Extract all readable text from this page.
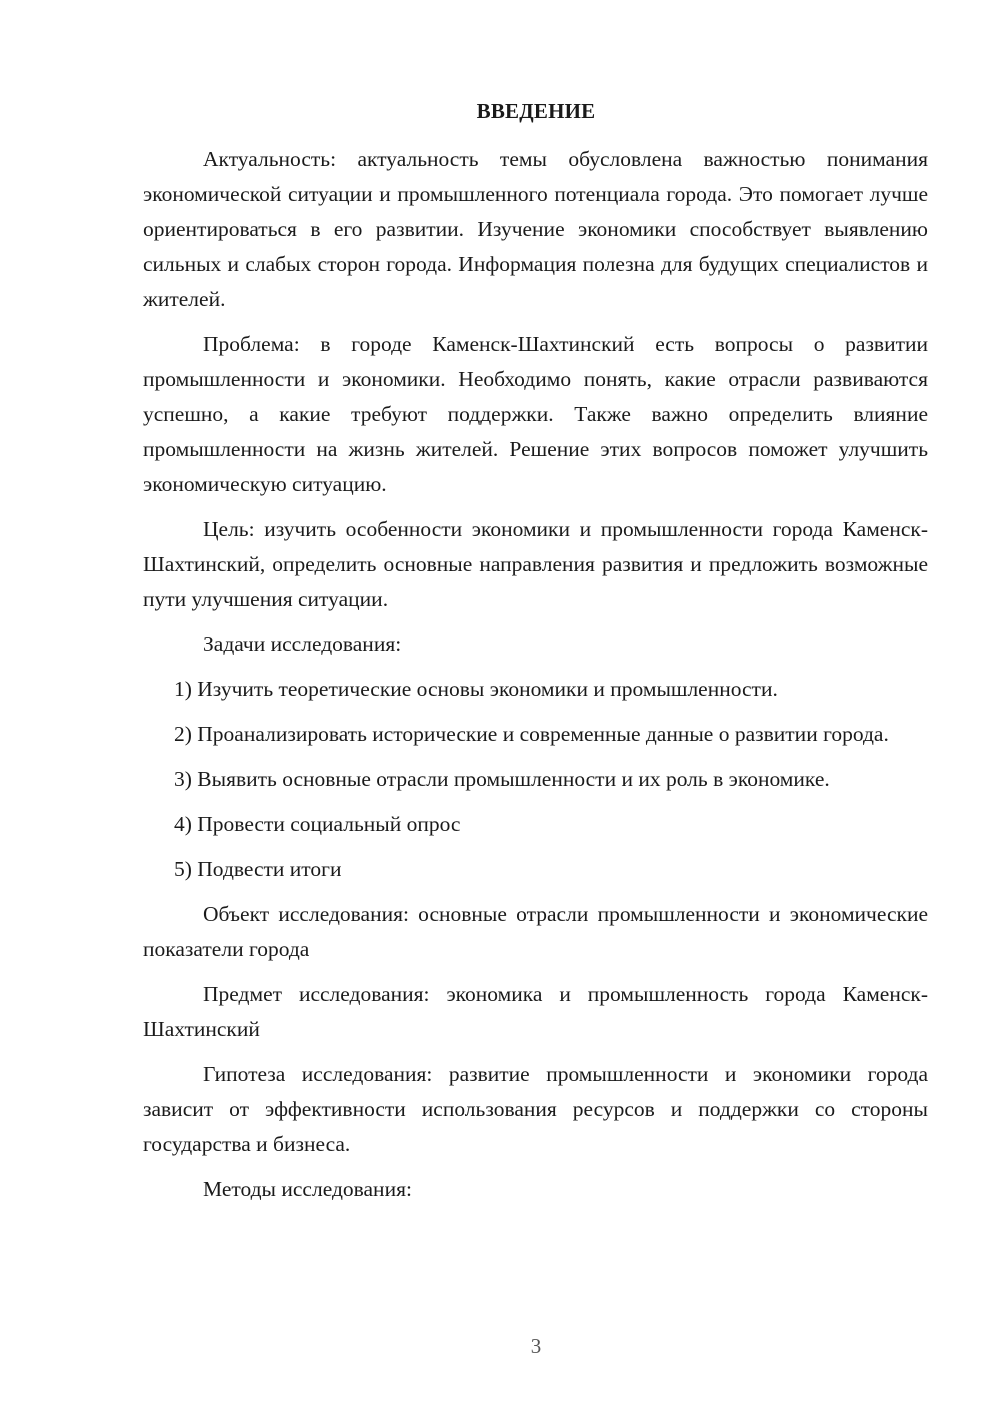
ВВЕДЕНИЕ

Актуальность: актуальность темы обусловлена важностью понимания экономической ситуации и промышленного потенциала города. Это помогает лучше ориентироваться в его развитии. Изучение экономики способствует выявлению сильных и слабых сторон города. Информация полезна для будущих специалистов и жителей.

Проблема: в городе Каменск-Шахтинский есть вопросы о развитии промышленности и экономики. Необходимо понять, какие отрасли развиваются успешно, а какие требуют поддержки. Также важно определить влияние промышленности на жизнь жителей. Решение этих вопросов поможет улучшить экономическую ситуацию.

Цель: изучить особенности экономики и промышленности города Каменск-Шахтинский, определить основные направления развития и предложить возможные пути улучшения ситуации.

Задачи исследования:

1) Изучить теоретические основы экономики и промышленности.

2) Проанализировать исторические и современные данные о развитии города.

3) Выявить основные отрасли промышленности и их роль в экономике.

4) Провести социальный опрос

5) Подвести итоги

Объект исследования: основные отрасли промышленности и экономические показатели города

Предмет исследования: экономика и промышленность города Каменск-Шахтинский

Гипотеза исследования: развитие промышленности и экономики города зависит от эффективности использования ресурсов и поддержки со стороны государства и бизнеса.

Методы исследования:

3
